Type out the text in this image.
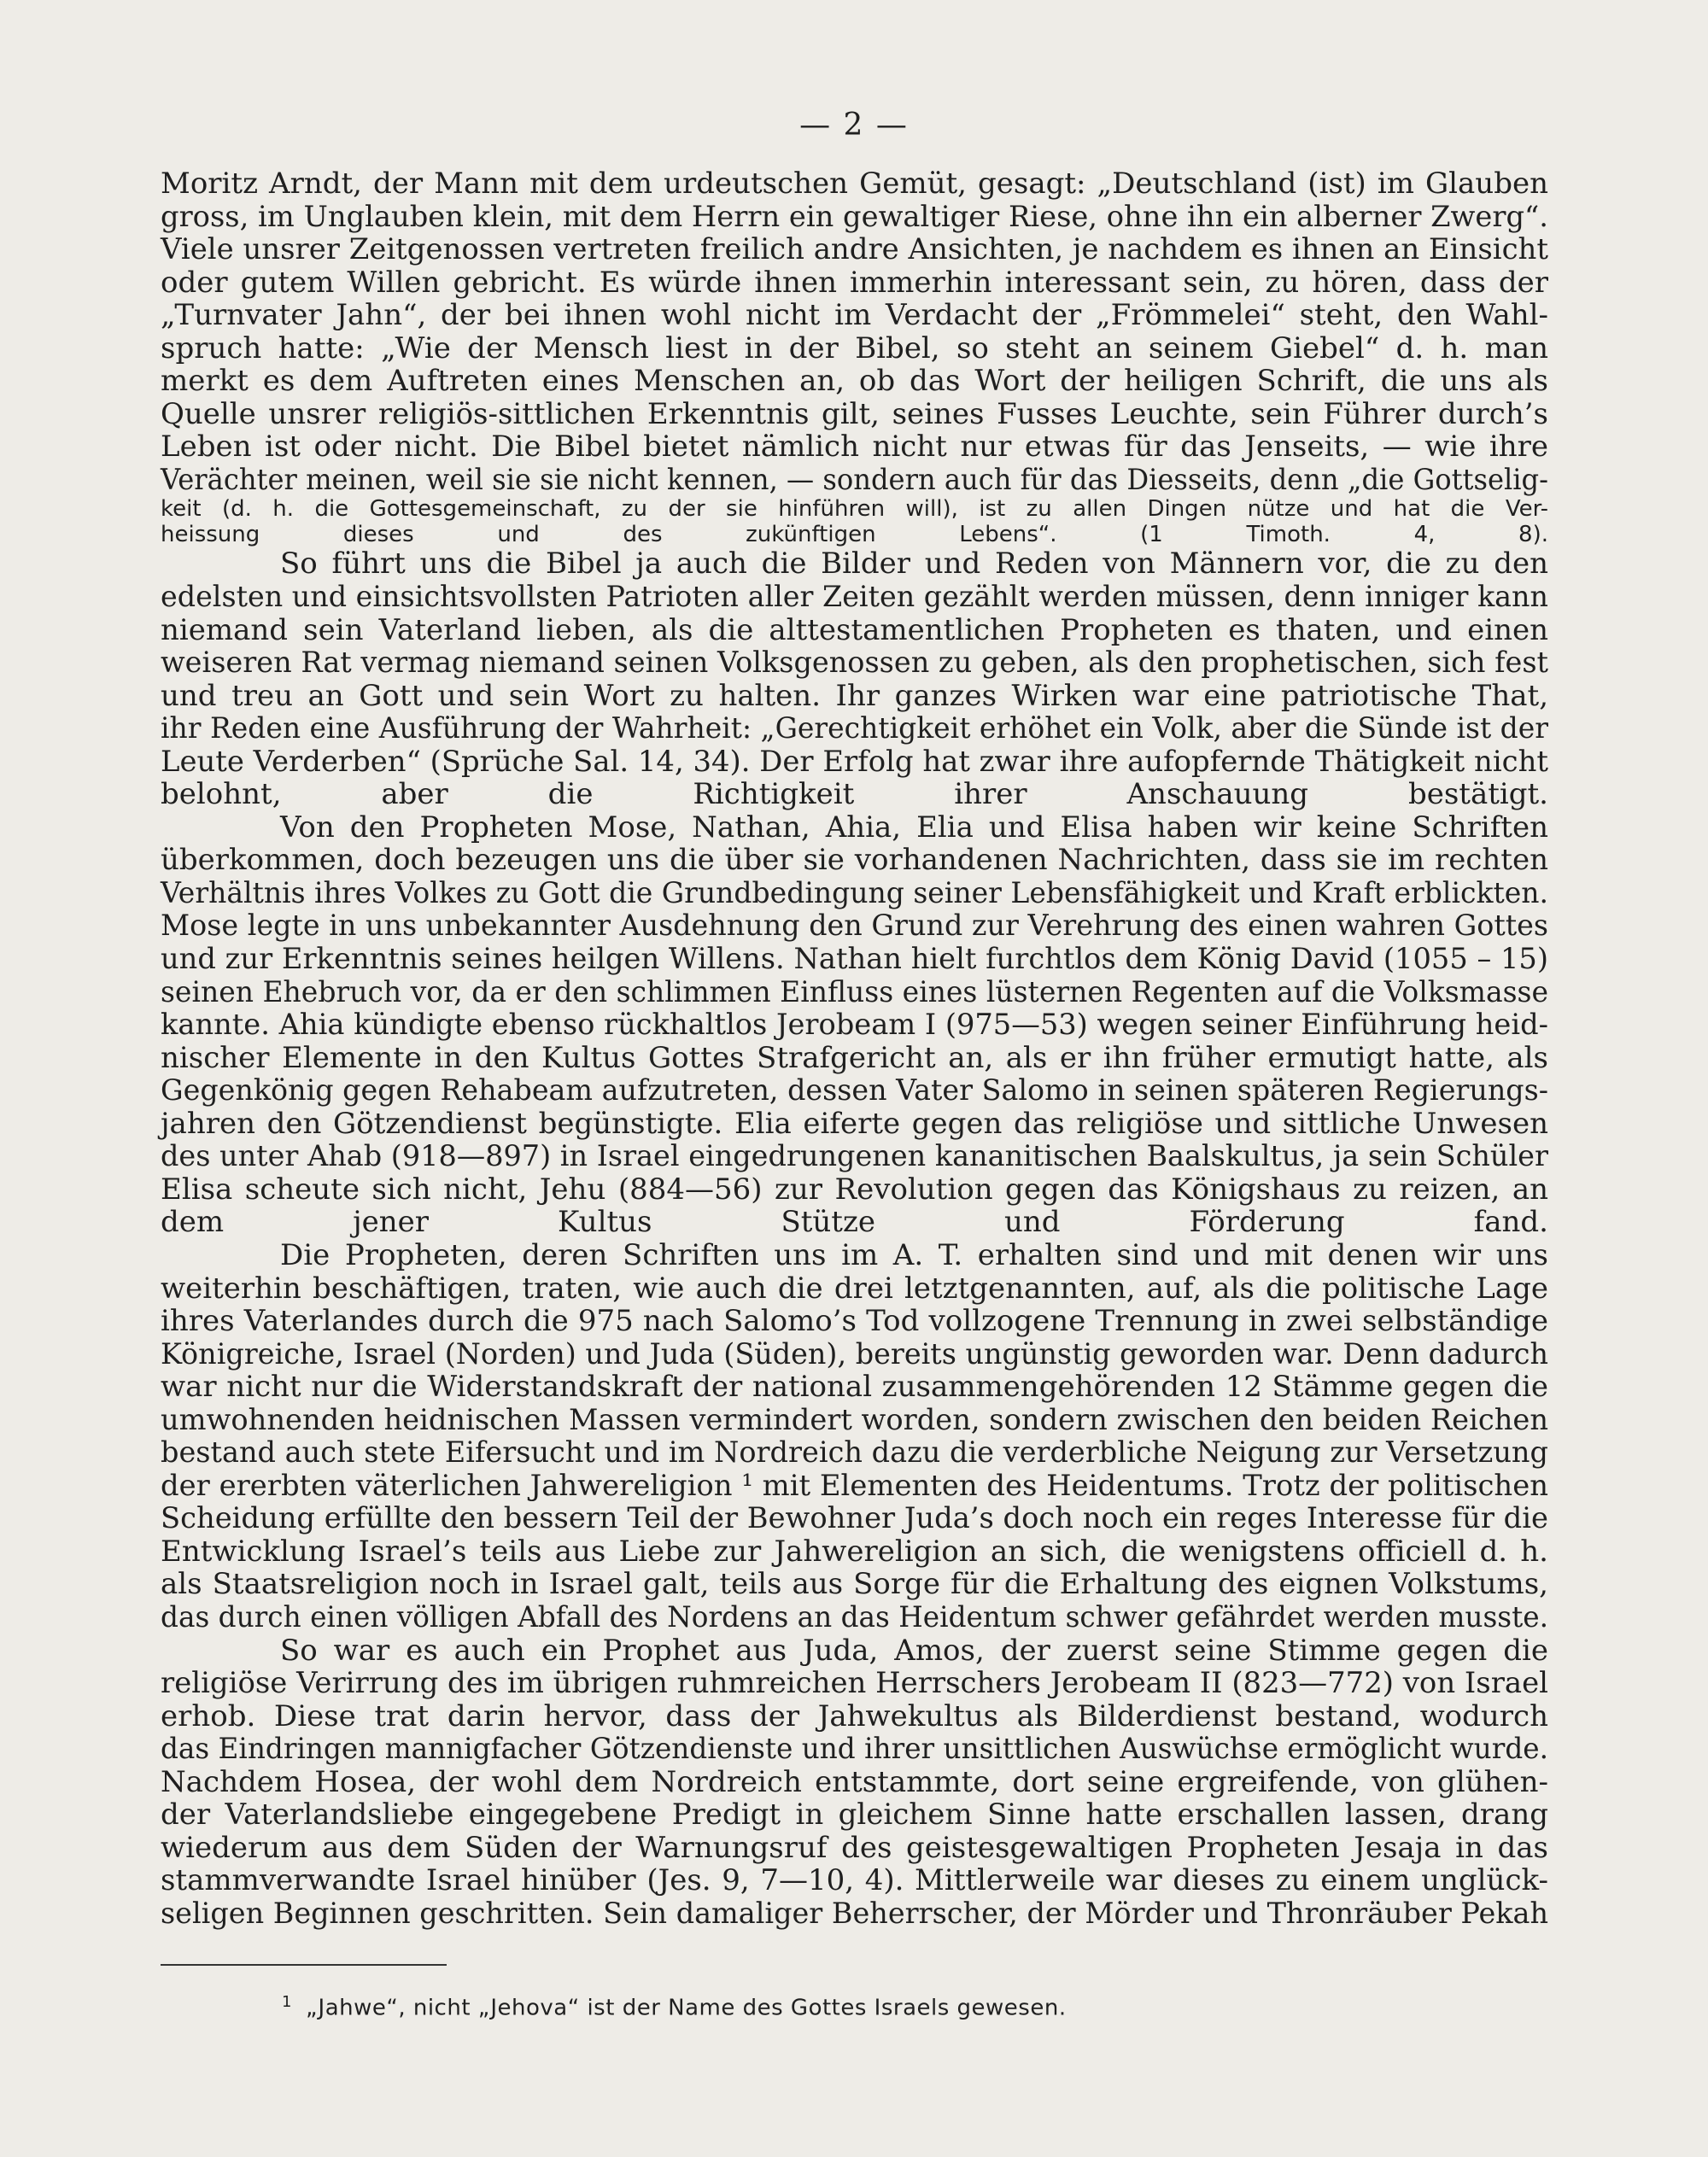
— 2 —
Moritz Arndt, der Mann mit dem urdeutschen Gemüt, gesagt: „Deutschland (ist) im Glauben
gross, im Unglauben klein, mit dem Herrn ein gewaltiger Riese, ohne ihn ein alberner Zwerg“.
Viele unsrer Zeitgenossen vertreten freilich andre Ansichten, je nachdem es ihnen an Einsicht
oder gutem Willen gebricht. Es würde ihnen immerhin interessant sein, zu hören, dass der
„Turnvater Jahn“, der bei ihnen wohl nicht im Verdacht der „Frömmelei“ steht, den Wahl-
spruch hatte: „Wie der Mensch liest in der Bibel, so steht an seinem Giebel“ d. h. man
merkt es dem Auftreten eines Menschen an, ob das Wort der heiligen Schrift, die uns als
Quelle unsrer religiös-sittlichen Erkenntnis gilt, seines Fusses Leuchte, sein Führer durch’s
Leben ist oder nicht. Die Bibel bietet nämlich nicht nur etwas für das Jenseits, — wie ihre
Verächter meinen, weil sie sie nicht kennen, — sondern auch für das Diesseits, denn „die Gottselig-
keit (d. h. die Gottesgemeinschaft, zu der sie hinführen will), ist zu allen Dingen nütze und hat die Ver-
heissung dieses und des zukünftigen Lebens“. (1 Timoth. 4, 8).
So führt uns die Bibel ja auch die Bilder und Reden von Männern vor, die zu den
edelsten und einsichtsvollsten Patrioten aller Zeiten gezählt werden müssen, denn inniger kann
niemand sein Vaterland lieben, als die alttestamentlichen Propheten es thaten, und einen
weiseren Rat vermag niemand seinen Volksgenossen zu geben, als den prophetischen, sich fest
und treu an Gott und sein Wort zu halten. Ihr ganzes Wirken war eine patriotische That,
ihr Reden eine Ausführung der Wahrheit: „Gerechtigkeit erhöhet ein Volk, aber die Sünde ist der
Leute Verderben“ (Sprüche Sal. 14, 34). Der Erfolg hat zwar ihre aufopfernde Thätigkeit nicht
belohnt, aber die Richtigkeit ihrer Anschauung bestätigt.
Von den Propheten Mose, Nathan, Ahia, Elia und Elisa haben wir keine Schriften
überkommen, doch bezeugen uns die über sie vorhandenen Nachrichten, dass sie im rechten
Verhältnis ihres Volkes zu Gott die Grundbedingung seiner Lebensfähigkeit und Kraft erblickten.
Mose legte in uns unbekannter Ausdehnung den Grund zur Verehrung des einen wahren Gottes
und zur Erkenntnis seines heilgen Willens. Nathan hielt furchtlos dem König David (1055 – 15)
seinen Ehebruch vor, da er den schlimmen Einfluss eines lüsternen Regenten auf die Volksmasse
kannte. Ahia kündigte ebenso rückhaltlos Jerobeam I (975—53) wegen seiner Einführung heid-
nischer Elemente in den Kultus Gottes Strafgericht an, als er ihn früher ermutigt hatte, als
Gegenkönig gegen Rehabeam aufzutreten, dessen Vater Salomo in seinen späteren Regierungs-
jahren den Götzendienst begünstigte. Elia eiferte gegen das religiöse und sittliche Unwesen
des unter Ahab (918—897) in Israel eingedrungenen kananitischen Baalskultus, ja sein Schüler
Elisa scheute sich nicht, Jehu (884—56) zur Revolution gegen das Königshaus zu reizen, an
dem jener Kultus Stütze und Förderung fand.
Die Propheten, deren Schriften uns im A. T. erhalten sind und mit denen wir uns
weiterhin beschäftigen, traten, wie auch die drei letztgenannten, auf, als die politische Lage
ihres Vaterlandes durch die 975 nach Salomo’s Tod vollzogene Trennung in zwei selbständige
Königreiche, Israel (Norden) und Juda (Süden), bereits ungünstig geworden war. Denn dadurch
war nicht nur die Widerstandskraft der national zusammengehörenden 12 Stämme gegen die
umwohnenden heidnischen Massen vermindert worden, sondern zwischen den beiden Reichen
bestand auch stete Eifersucht und im Nordreich dazu die verderbliche Neigung zur Versetzung
der ererbten väterlichen Jahwereligion ¹ mit Elementen des Heidentums. Trotz der politischen
Scheidung erfüllte den bessern Teil der Bewohner Juda’s doch noch ein reges Interesse für die
Entwicklung Israel’s teils aus Liebe zur Jahwereligion an sich, die wenigstens officiell d. h.
als Staatsreligion noch in Israel galt, teils aus Sorge für die Erhaltung des eignen Volkstums,
das durch einen völligen Abfall des Nordens an das Heidentum schwer gefährdet werden musste.
So war es auch ein Prophet aus Juda, Amos, der zuerst seine Stimme gegen die
religiöse Verirrung des im übrigen ruhmreichen Herrschers Jerobeam II (823—772) von Israel
erhob. Diese trat darin hervor, dass der Jahwekultus als Bilderdienst bestand, wodurch
das Eindringen mannigfacher Götzendienste und ihrer unsittlichen Auswüchse ermöglicht wurde.
Nachdem Hosea, der wohl dem Nordreich entstammte, dort seine ergreifende, von glühen-
der Vaterlandsliebe eingegebene Predigt in gleichem Sinne hatte erschallen lassen, drang
wiederum aus dem Süden der Warnungsruf des geistesgewaltigen Propheten Jesaja in das
stammverwandte Israel hinüber (Jes. 9, 7—10, 4). Mittlerweile war dieses zu einem unglück-
seligen Beginnen geschritten. Sein damaliger Beherrscher, der Mörder und Thronräuber Pekah
$^1$ „Jahwe“, nicht „Jehova“ ist der Name des Gottes Israels gewesen.
